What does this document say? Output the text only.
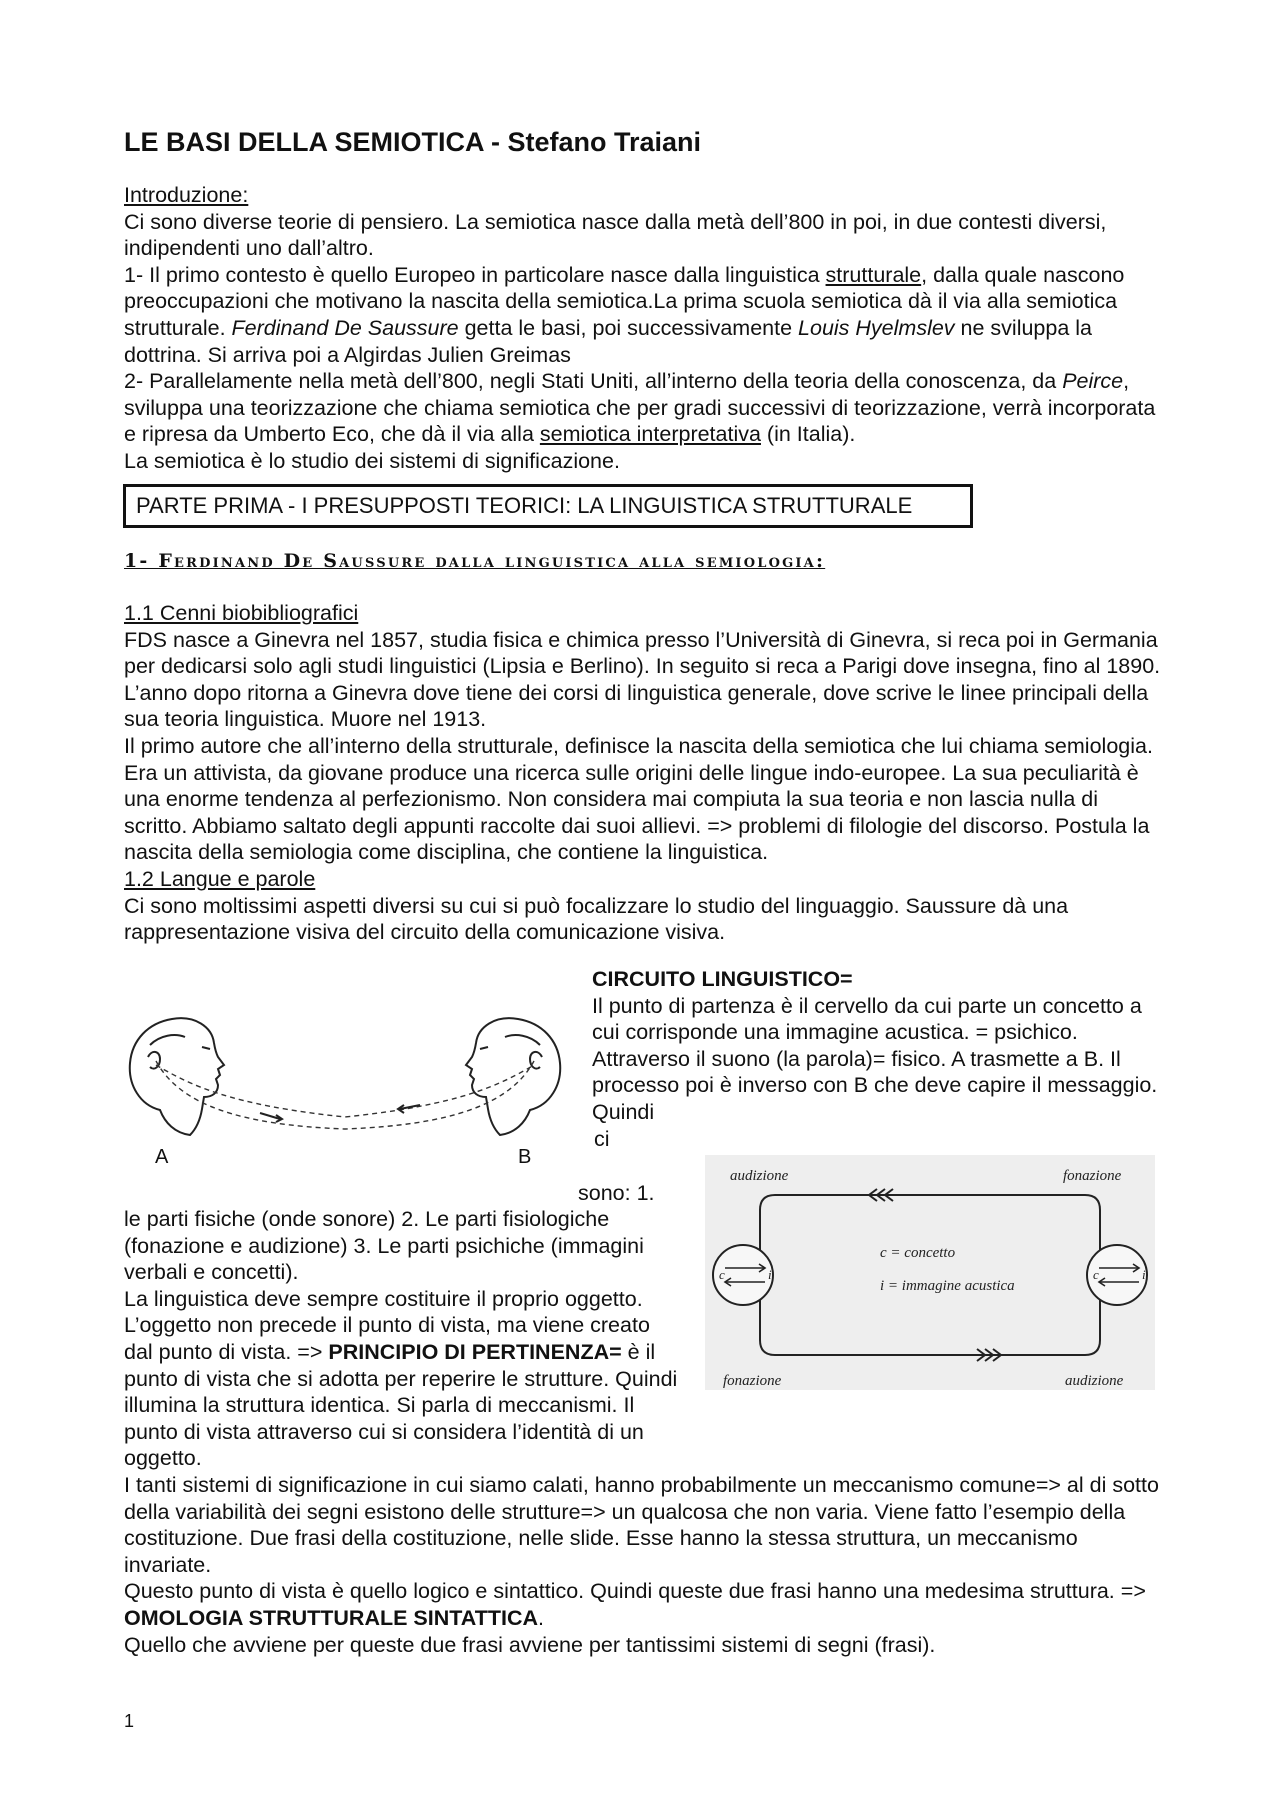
LE BASI DELLA SEMIOTICA - Stefano Traiani

Introduzione:

Ci sono diverse teorie di pensiero. La semiotica nasce dalla metà dell’800 in poi, in due contesti diversi, indipendenti uno dall’altro.

1- Il primo contesto è quello Europeo in particolare nasce dalla linguistica strutturale, dalla quale nascono preoccupazioni che motivano la nascita della semiotica.La prima scuola semiotica dà il via alla semiotica strutturale. Ferdinand De Saussure getta le basi, poi successivamente Louis Hyelmslev ne sviluppa la dottrina. Si arriva poi a Algirdas Julien Greimas

2- Parallelamente nella metà dell’800, negli Stati Uniti, all’interno della teoria della conoscenza, da Peirce, sviluppa una teorizzazione che chiama semiotica che per gradi successivi di teorizzazione, verrà incorporata e ripresa da Umberto Eco, che dà il via alla semiotica interpretativa (in Italia).

La semiotica è lo studio dei sistemi di significazione.

PARTE PRIMA - I PRESUPPOSTI TEORICI: LA LINGUISTICA STRUTTURALE
1- Ferdinand De Saussure dalla linguistica alla semiologia:

1.1 Cenni biobibliografici

FDS nasce a Ginevra nel 1857, studia fisica e chimica presso l’Università di Ginevra, si reca poi in Germania per dedicarsi solo agli studi linguistici (Lipsia e Berlino). In seguito si reca a Parigi dove insegna, fino al 1890. L’anno dopo ritorna a Ginevra dove tiene dei corsi di linguistica generale, dove scrive le linee principali della sua teoria linguistica. Muore nel 1913.

Il primo autore che all’interno della strutturale, definisce la nascita della semiotica che lui chiama semiologia. Era un attivista, da giovane produce una ricerca sulle origini delle lingue indo-europee. La sua peculiarità è una enorme tendenza al perfezionismo. Non considera mai compiuta la sua teoria e non lascia nulla di scritto. Abbiamo saltato degli appunti raccolte dai suoi allievi. => problemi di filologie del discorso. Postula la nascita della semiologia come disciplina, che contiene la linguistica.

1.2 Langue e parole

Ci sono moltissimi aspetti diversi su cui si può focalizzare lo studio del linguaggio. Saussure dà una rappresentazione visiva del circuito della comunicazione visiva.

CIRCUITO LINGUISTICO=

Il punto di partenza è il cervello da cui parte un concetto a cui corrisponde una immagine acustica. = psichico. Attraverso il suono (la parola)= fisico. A trasmette a B. Il processo poi è inverso con B che deve capire il messaggio.

Quindi

ci

sono: 1.
A	B

le parti fisiche (onde sonore) 2. Le parti fisiologiche (fonazione e audizione) 3. Le parti psichiche (immagini verbali e concetti).

La linguistica deve sempre costituire il proprio oggetto. L’oggetto non precede il punto di vista, ma viene creato dal punto di vista. => PRINCIPIO DI PERTINENZA= è il punto di vista che si adotta per reperire le strutture. Quindi illumina la struttura identica. Si parla di meccanismi. Il punto di vista attraverso cui si considera l’identità di un oggetto.

audizione	fonazione
fonazione	audizione
c = concetto
i = immagine acustica
c	i	c	i

I tanti sistemi di significazione in cui siamo calati, hanno probabilmente un meccanismo comune=> al di sotto della variabilità dei segni esistono delle strutture=> un qualcosa che non varia. Viene fatto l’esempio della costituzione. Due frasi della costituzione, nelle slide. Esse hanno la stessa struttura, un meccanismo invariate.

Questo punto di vista è quello logico e sintattico. Quindi queste due frasi hanno una medesima struttura. => OMOLOGIA STRUTTURALE SINTATTICA.

Quello che avviene per queste due frasi avviene per tantissimi sistemi di segni (frasi).

1
